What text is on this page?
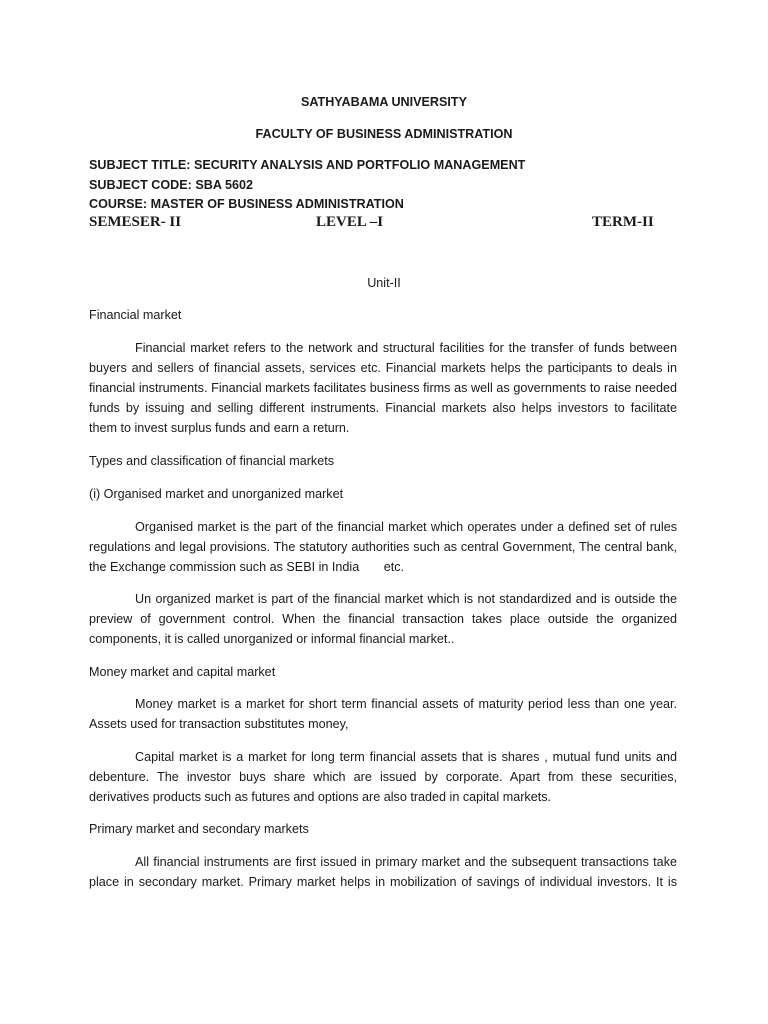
SATHYABAMA UNIVERSITY
FACULTY OF BUSINESS ADMINISTRATION
SUBJECT TITLE: SECURITY ANALYSIS AND PORTFOLIO MANAGEMENT
SUBJECT CODE: SBA 5602
COURSE: MASTER OF BUSINESS ADMINISTRATION
SEMESER- II	LEVEL –I	TERM-II
Unit-II
Financial market
Financial market refers to the network and structural facilities for the transfer of funds between
buyers and sellers of financial assets, services etc. Financial markets helps the participants to deals in
financial instruments. Financial markets facilitates business firms as well as governments to raise needed
funds by issuing and selling different instruments. Financial markets also helps investors to facilitate
them to invest surplus funds and earn a return.
Types and classification of financial markets
(i) Organised market and unorganized market
Organised market is the part of the financial market which operates under a defined set of rules
regulations and legal provisions. The statutory authorities such as central Government, The central bank,
the Exchange commission such as SEBI in India       etc.
Un organized market is part of the financial market which is not standardized and is outside the
preview of government control. When the financial transaction takes place outside the organized
components, it is called unorganized or informal financial market..
Money market and capital market
Money market is a market for short term financial assets of maturity period less than one year.
Assets used for transaction substitutes money,
Capital market is a market for long term financial assets that is shares , mutual fund units and
debenture. The investor buys share which are issued by corporate. Apart from these securities,
derivatives products such as futures and options are also traded in capital markets.
Primary market and secondary markets
All financial instruments are first issued in primary market and the subsequent transactions take
place in secondary market. Primary market helps in mobilization of savings of individual investors. It is
